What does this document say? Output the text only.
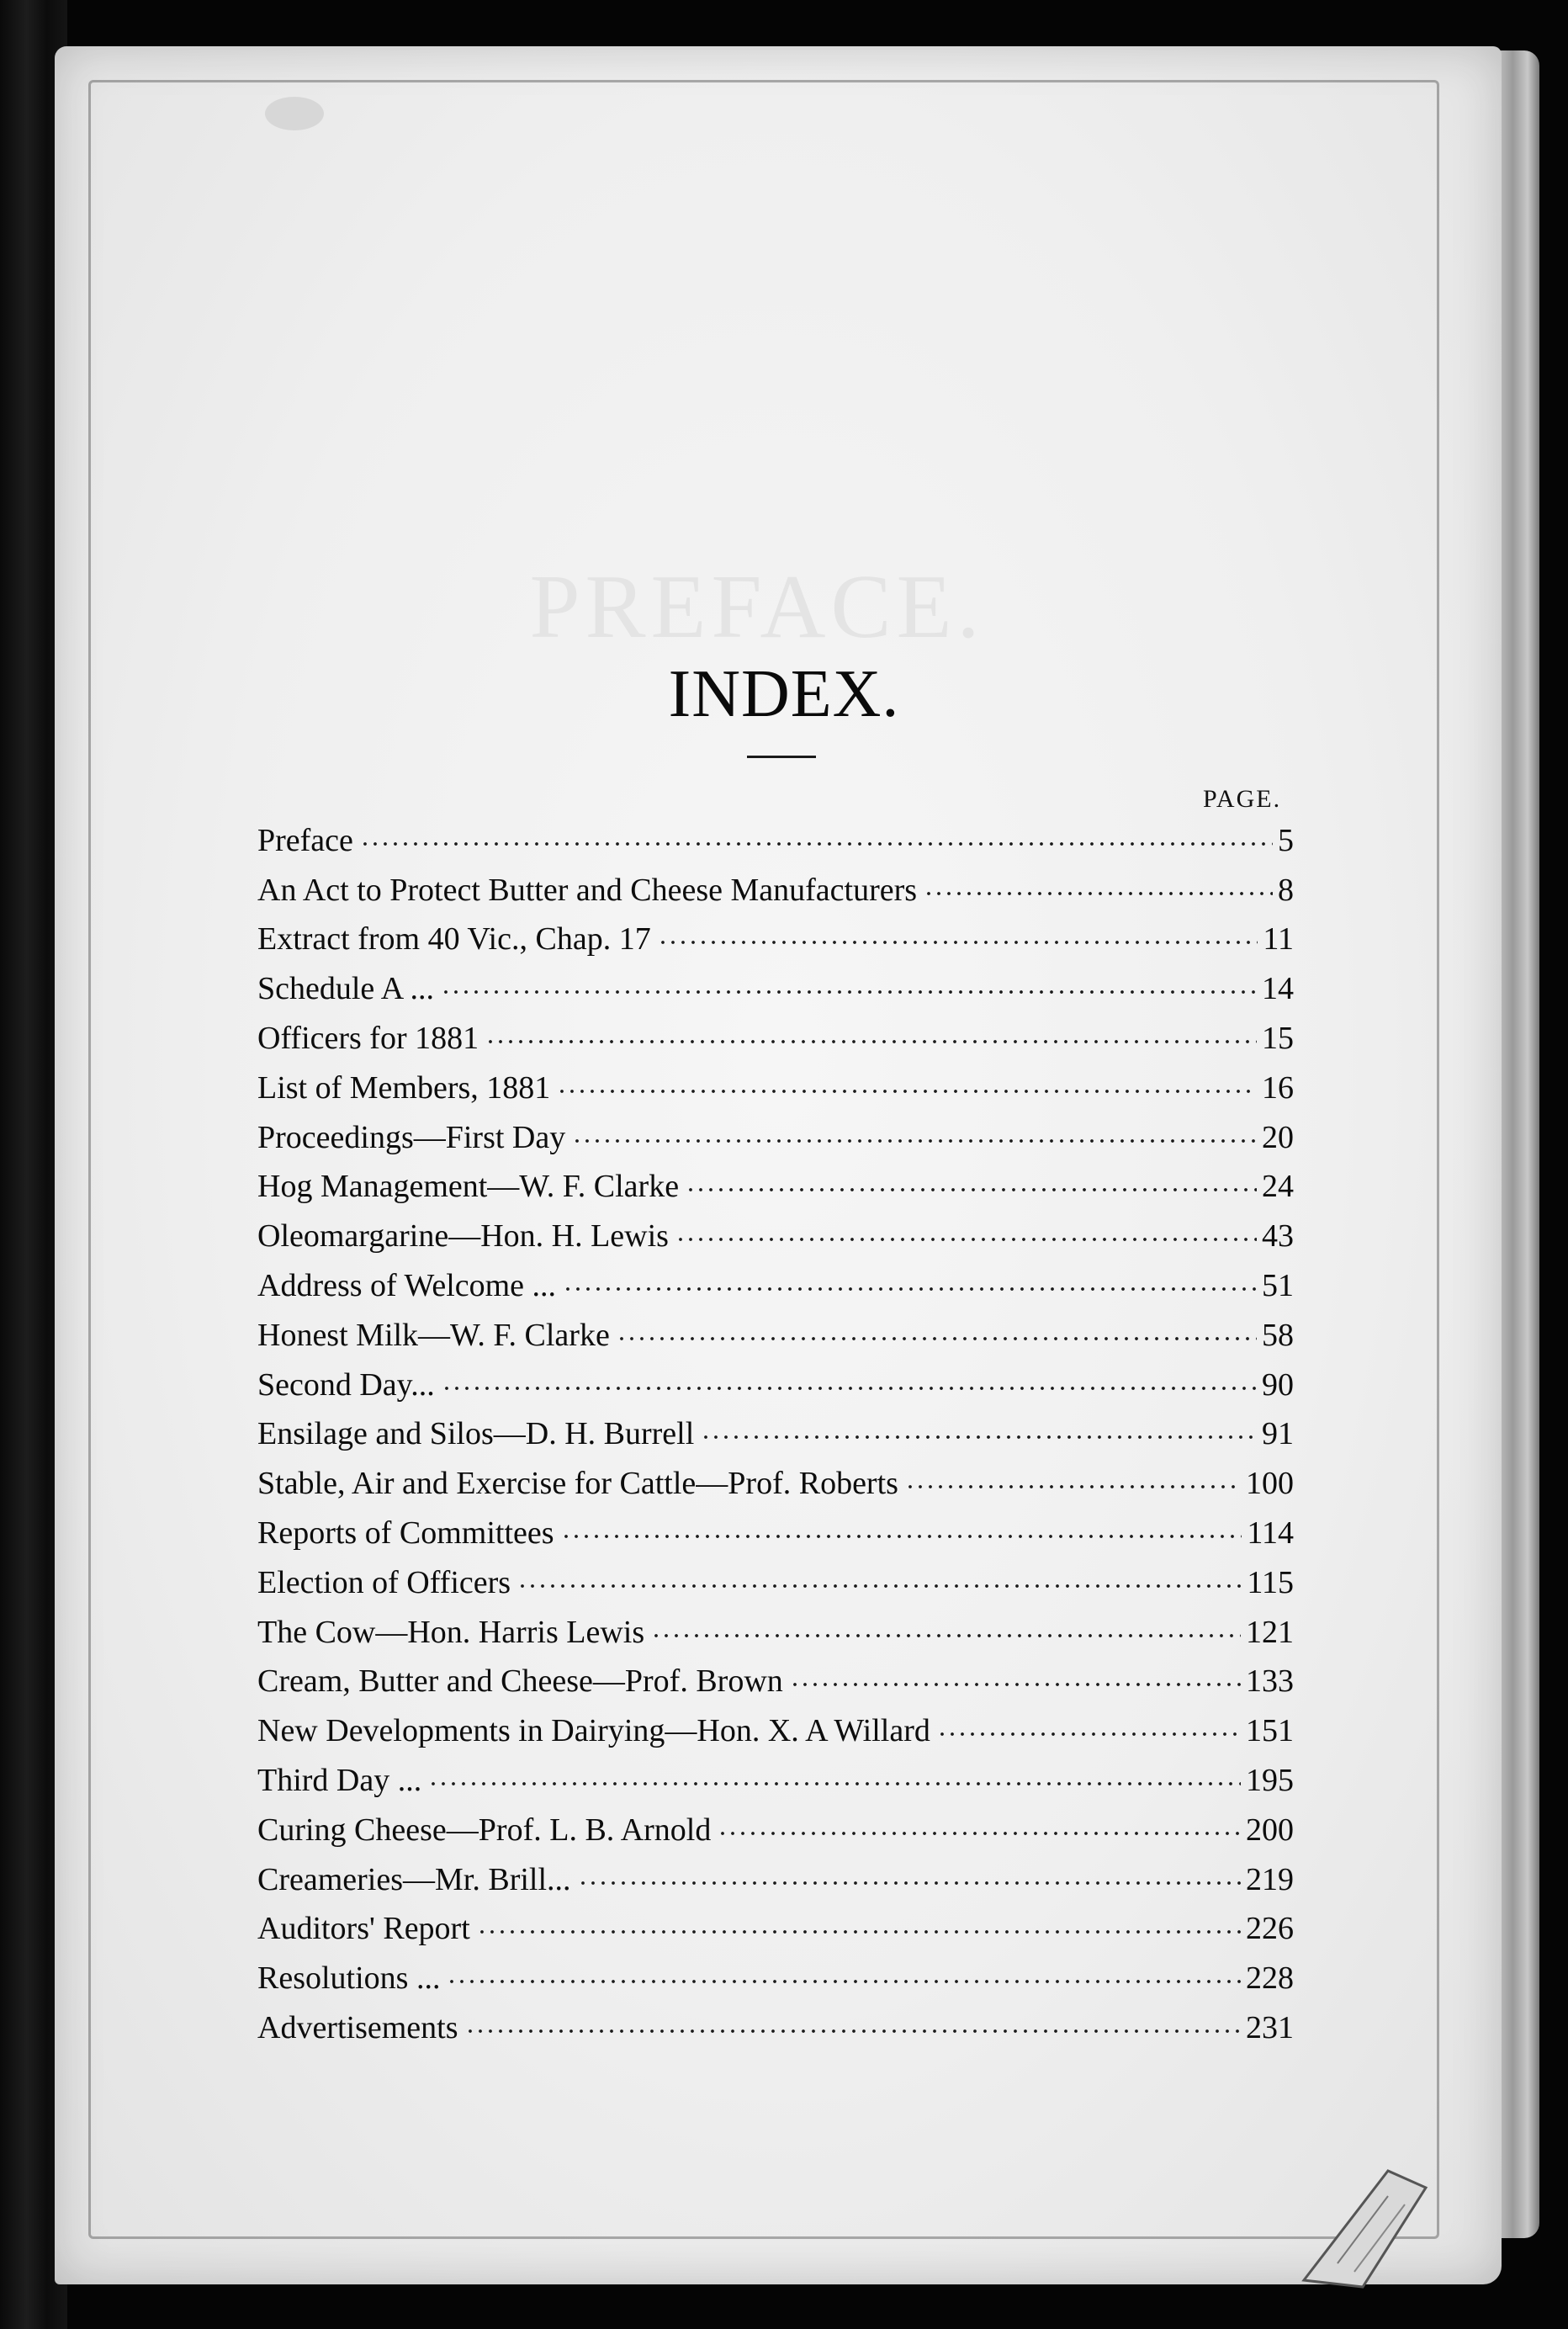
PREFACE.
INDEX.
PAGE.
Preface	5
An Act to Protect Butter and Cheese Manufacturers	8
Extract from 40 Vic., Chap. 17	11
Schedule A ...	14
Officers for 1881	15
List of Members, 1881	16
Proceedings—First Day	20
Hog Management—W. F. Clarke	24
Oleomargarine—Hon. H. Lewis	43
Address of Welcome ...	51
Honest Milk—W. F. Clarke	58
Second Day...	90
Ensilage and Silos—D. H. Burrell	91
Stable, Air and Exercise for Cattle—Prof. Roberts	100
Reports of Committees	114
Election of Officers	115
The Cow—Hon. Harris Lewis	121
Cream, Butter and Cheese—Prof. Brown	133
New Developments in Dairying—Hon. X. A Willard	151
Third Day ...	195
Curing Cheese—Prof. L. B. Arnold	200
Creameries—Mr. Brill...	219
Auditors' Report	226
Resolutions ...	228
Advertisements	231
